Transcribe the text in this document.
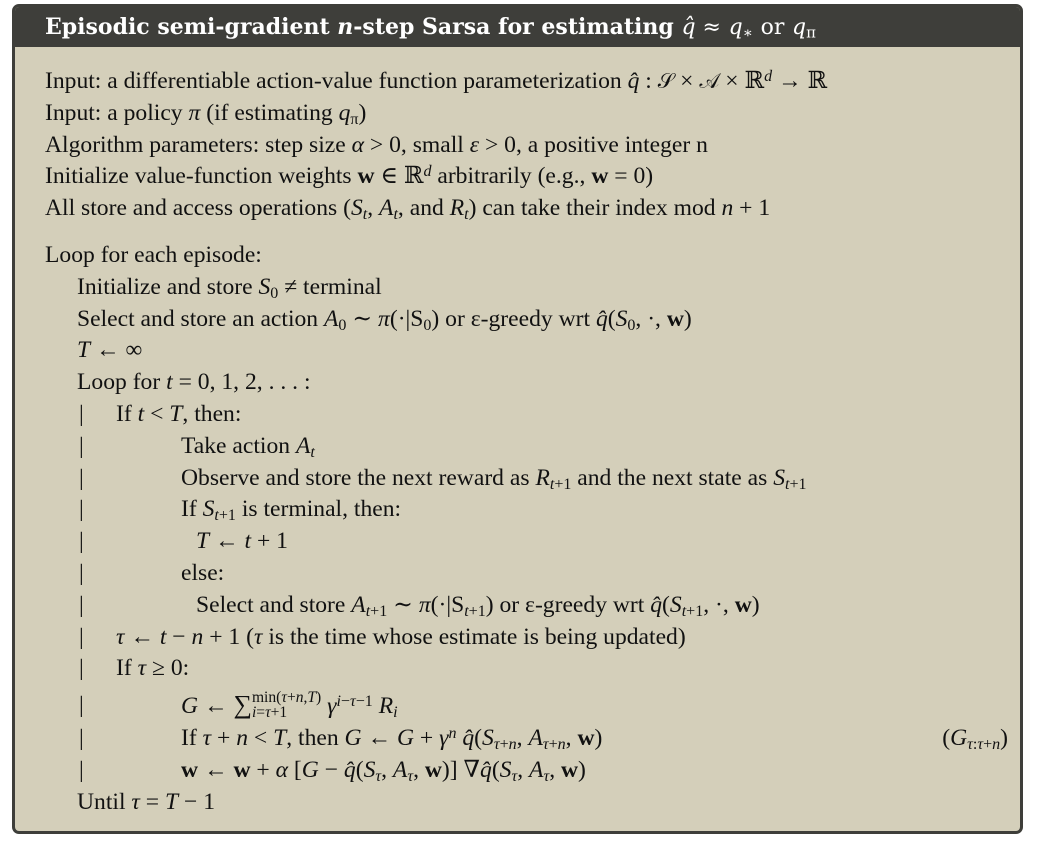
Episodic semi-gradient n-step Sarsa for estimating q̂ ≈ $q_∗$ or $q_\pi$
Input: a differentiable action-value function parameterization q̂ : 𝒮 × 𝒜 × ℝ$^d$ → ℝ
Input: a policy π (if estimating $q_\pi$)
Algorithm parameters: step size α > 0, small ε > 0, a positive integer n
Initialize value-function weights w ∈ ℝ$^d$ arbitrarily (e.g., w = 0)
All store and access operations ($S_t$, $A_t$, and $R_t$) can take their index mod n + 1
Loop for each episode:
Initialize and store $S_0$ ≠ terminal
Select and store an action $A_0$ ∼ $\pi(\cdot|S_0)$ or ε-greedy wrt $q̂(S_0$, ·, w)
T ← ∞
Loop for t = 0, 1, 2, . . . :
| If t < T, then:
|	Take action $A_t$
|	Observe and store the next reward as $R_{t+1}$ and the next state as $S_{t+1}$
|	If $S_{t+1}$ is terminal, then:
|	T ← t + 1
|	else:
|	Select and store $A_{t+1}$ ∼ $\pi(\cdot|S_{t+1})$ or ε-greedy wrt $q̂(S_{t+1}$, ·, w)
| τ ← t − n + 1 (τ is the time whose estimate is being updated)
| If τ ≥ 0:
|	G ← ∑ min(τ+n,T)
i=τ+1	$\gamma^{i-\tau-1}$ $R_i$
|	If τ + n < T, then G ← $G + \gamma^n$ $q̂(S_{\tau+n}$, $A_{\tau+n}$, w)	$(G_{\tau:\tau+n})$
|	w ← w + α [$G - q̂(S_\tau$, $A_\tau$, w)] $\nabla q̂(S_\tau$, $A_\tau$, w)
Until τ = T − 1
